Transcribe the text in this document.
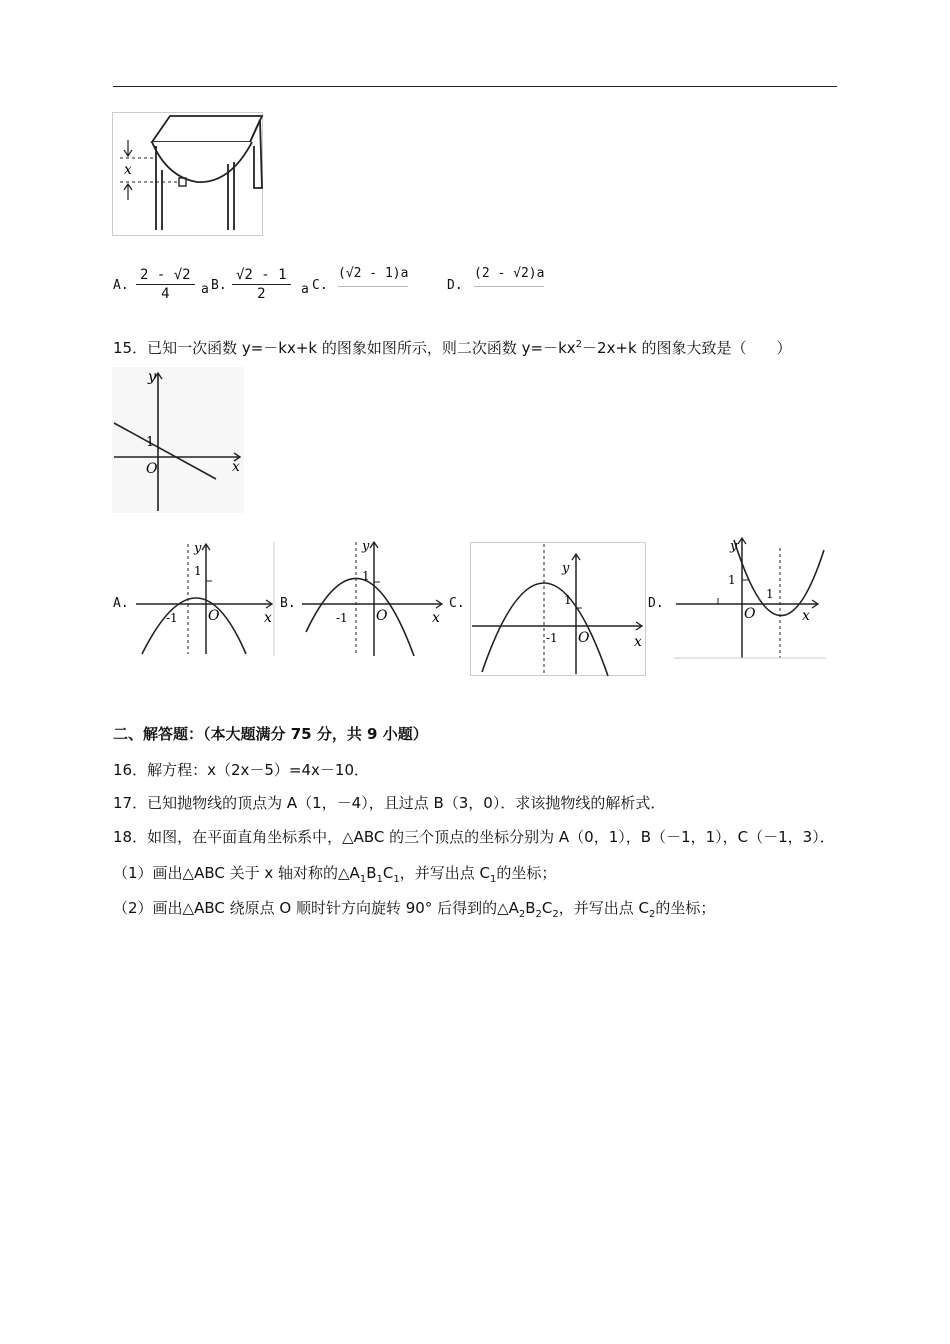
x
A. $\frac{2 - √2}{4}$ a B. $\frac{√2 - 1}{2}$ a C.
(√2 - 1)a
D.
(2 - √2)a
15．已知一次函数 y=－kx+k 的图象如图所示，则二次函数 $y=-kx^2-2x+k$ 的图象大致是（　　）
y
x
O
1
A.	B.	C.	D.
y
x
O
1
-1
y
x
O
1
-1
y
x
O
1
-1
y
x
O
1
1
二、解答题：（本大题满分 75 分，共 9 小题）
16．解方程：x（2x－5）=4x－10．
17．已知抛物线的顶点为 A（1，－4），且过点 B（3，0）．求该抛物线的解析式．
18．如图，在平面直角坐标系中，△ABC 的三个顶点的坐标分别为 A（0，1），B（－1，1），C（－1，3）．
（1）画出△ABC 关于 x 轴对称的$\triangle A_1B_1C_1$，并写出点 $C_1$的坐标；
（2）画出△ABC 绕原点 O 顺时针方向旋转 90° 后得到的$\triangle A_2B_2C_2$，并写出点 $C_2$的坐标；
